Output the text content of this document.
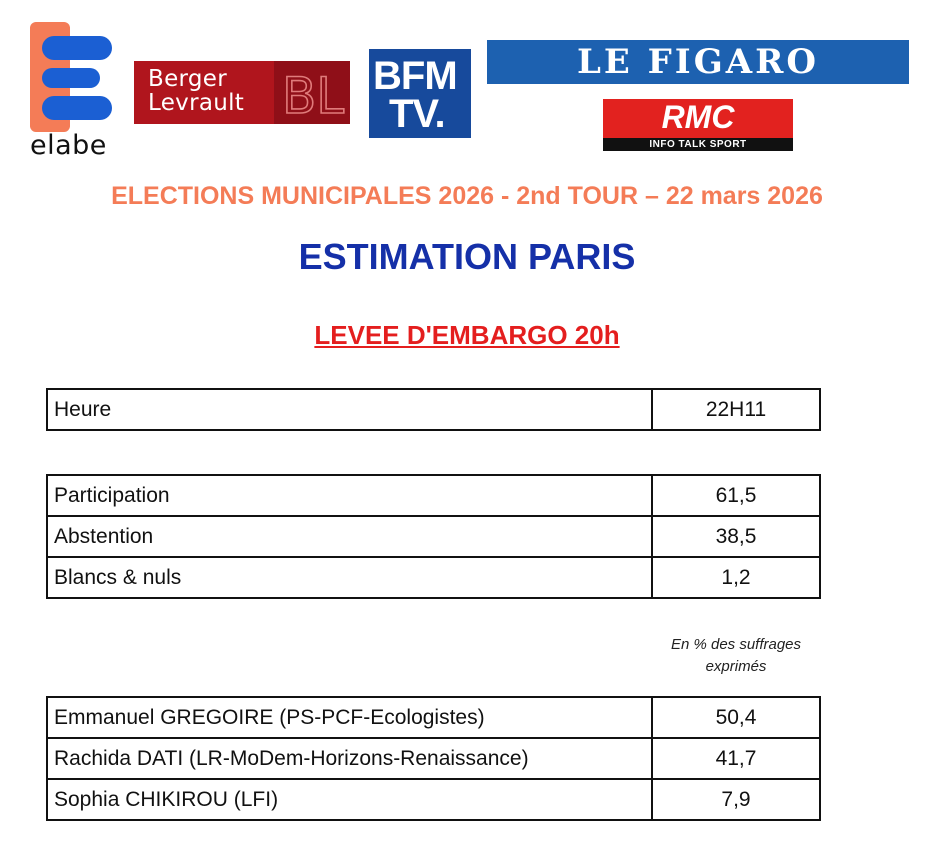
elabe
BL
Berger
Levrault
BFM
TV.
LE FIGARO
RMC
INFO TALK SPORT
ELECTIONS MUNICIPALES 2026 - 2nd TOUR – 22 mars 2026
ESTIMATION PARIS
LEVEE D'EMBARGO 20h
Heure	22H11
Participation	61,5
Abstention	38,5
Blancs & nuls	1,2
En % des suffrages
exprimés
Emmanuel GREGOIRE (PS-PCF-Ecologistes)	50,4
Rachida DATI (LR-MoDem-Horizons-Renaissance)	41,7
Sophia CHIKIROU (LFI)	7,9
